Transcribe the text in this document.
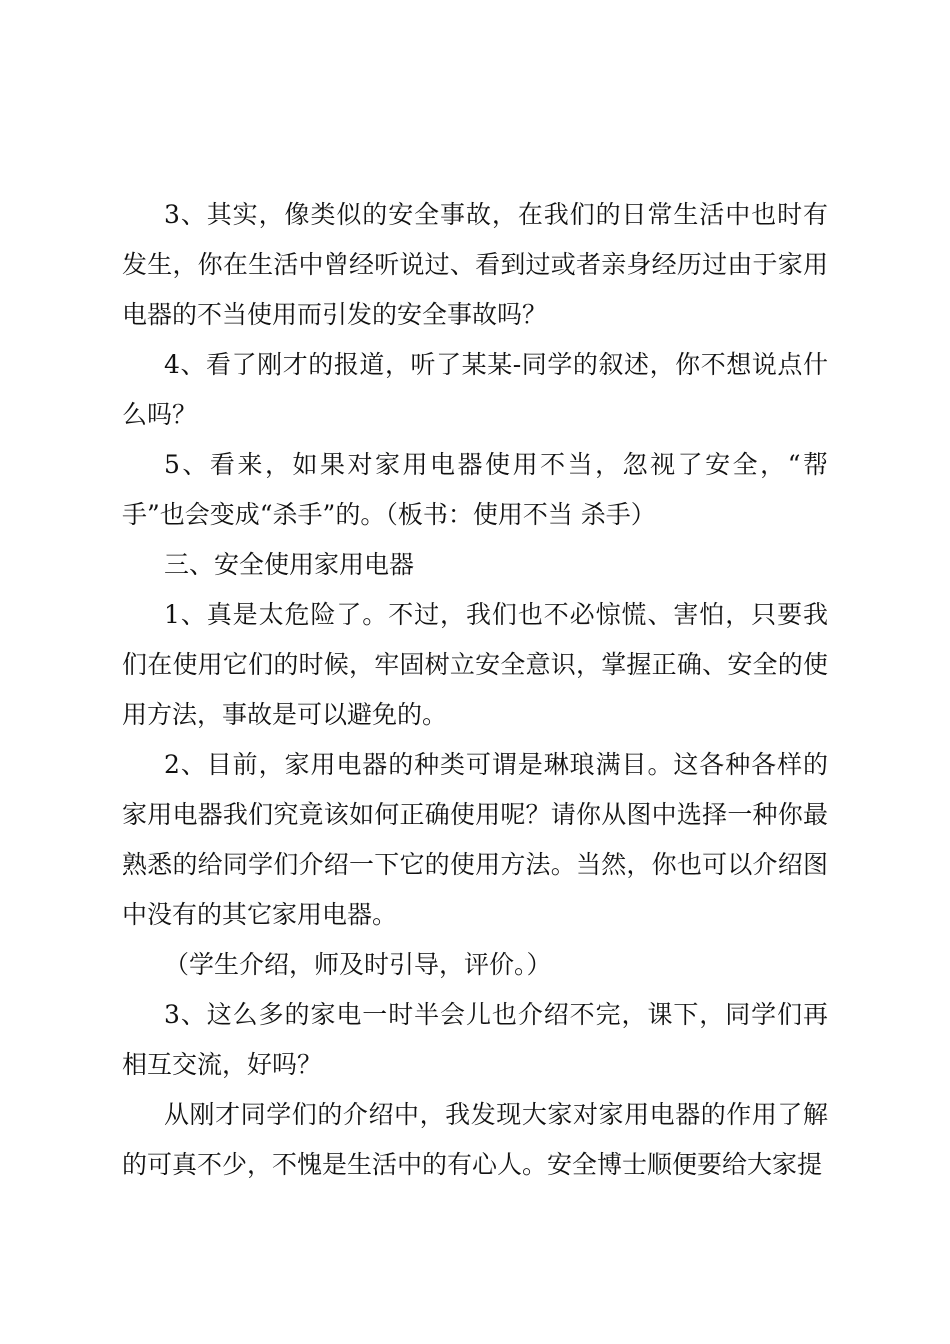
3、其实，像类似的安全事故，在我们的日常生活中也时有发生，你在生活中曾经听说过、看到过或者亲身经历过由于家用电器的不当使用而引发的安全事故吗？

4、看了刚才的报道，听了某某-同学的叙述，你不想说点什么吗？

5、看来，如果对家用电器使用不当，忽视了安全，“帮手”也会变成“杀手”的。（板书：使用不当 杀手）

三、安全使用家用电器

1、真是太危险了。不过，我们也不必惊慌、害怕，只要我们在使用它们的时候，牢固树立安全意识，掌握正确、安全的使用方法，事故是可以避免的。

2、目前，家用电器的种类可谓是琳琅满目。这各种各样的家用电器我们究竟该如何正确使用呢？请你从图中选择一种你最熟悉的给同学们介绍一下它的使用方法。当然，你也可以介绍图中没有的其它家用电器。

（学生介绍，师及时引导，评价。）

3、这么多的家电一时半会儿也介绍不完，课下，同学们再相互交流，好吗？

从刚才同学们的介绍中，我发现大家对家用电器的作用了解的可真不少，不愧是生活中的有心人。安全博士顺便要给大家提
